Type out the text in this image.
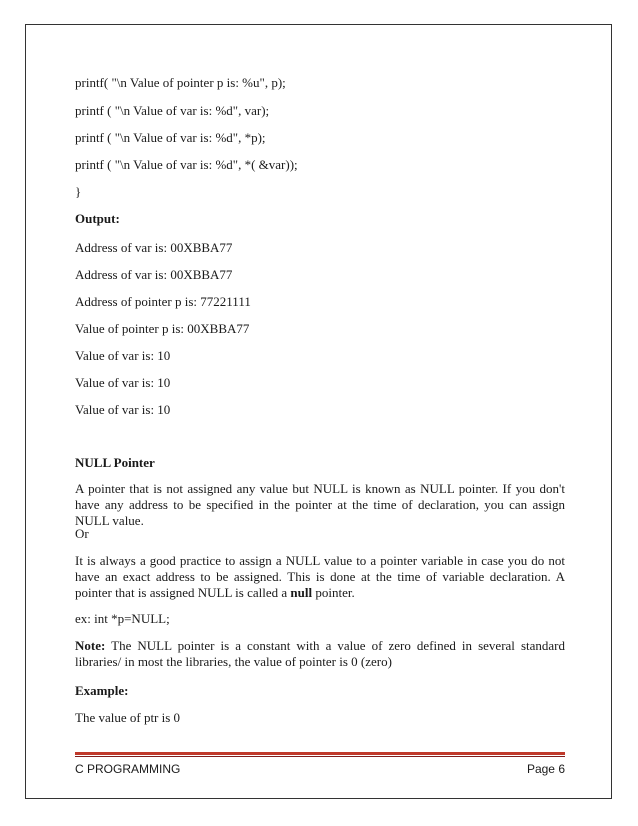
printf( "\n Value of pointer p is: %u", p);
printf ( "\n Value of var is: %d", var);
printf ( "\n Value of var is: %d", *p);
printf ( "\n Value of var is: %d", *( &var));
}
Output:
Address of var is: 00XBBA77
Address of var is: 00XBBA77
Address of pointer p is: 77221111
Value of pointer p is: 00XBBA77
Value of var is: 10
Value of var is: 10
Value of var is: 10
NULL Pointer
A pointer that is not assigned any value but NULL is known as NULL pointer. If you don't have any address to be specified in the pointer at the time of declaration, you can assign NULL value.
Or
It is always a good practice to assign a NULL value to a pointer variable in case you do not have an exact address to be assigned. This is done at the time of variable declaration. A pointer that is assigned NULL is called a null pointer.
ex: int *p=NULL;
Note: The NULL pointer is a constant with a value of zero defined in several standard libraries/ in most the libraries, the value of pointer is 0 (zero)
Example:
The value of ptr is 0
C PROGRAMMING	Page 6
